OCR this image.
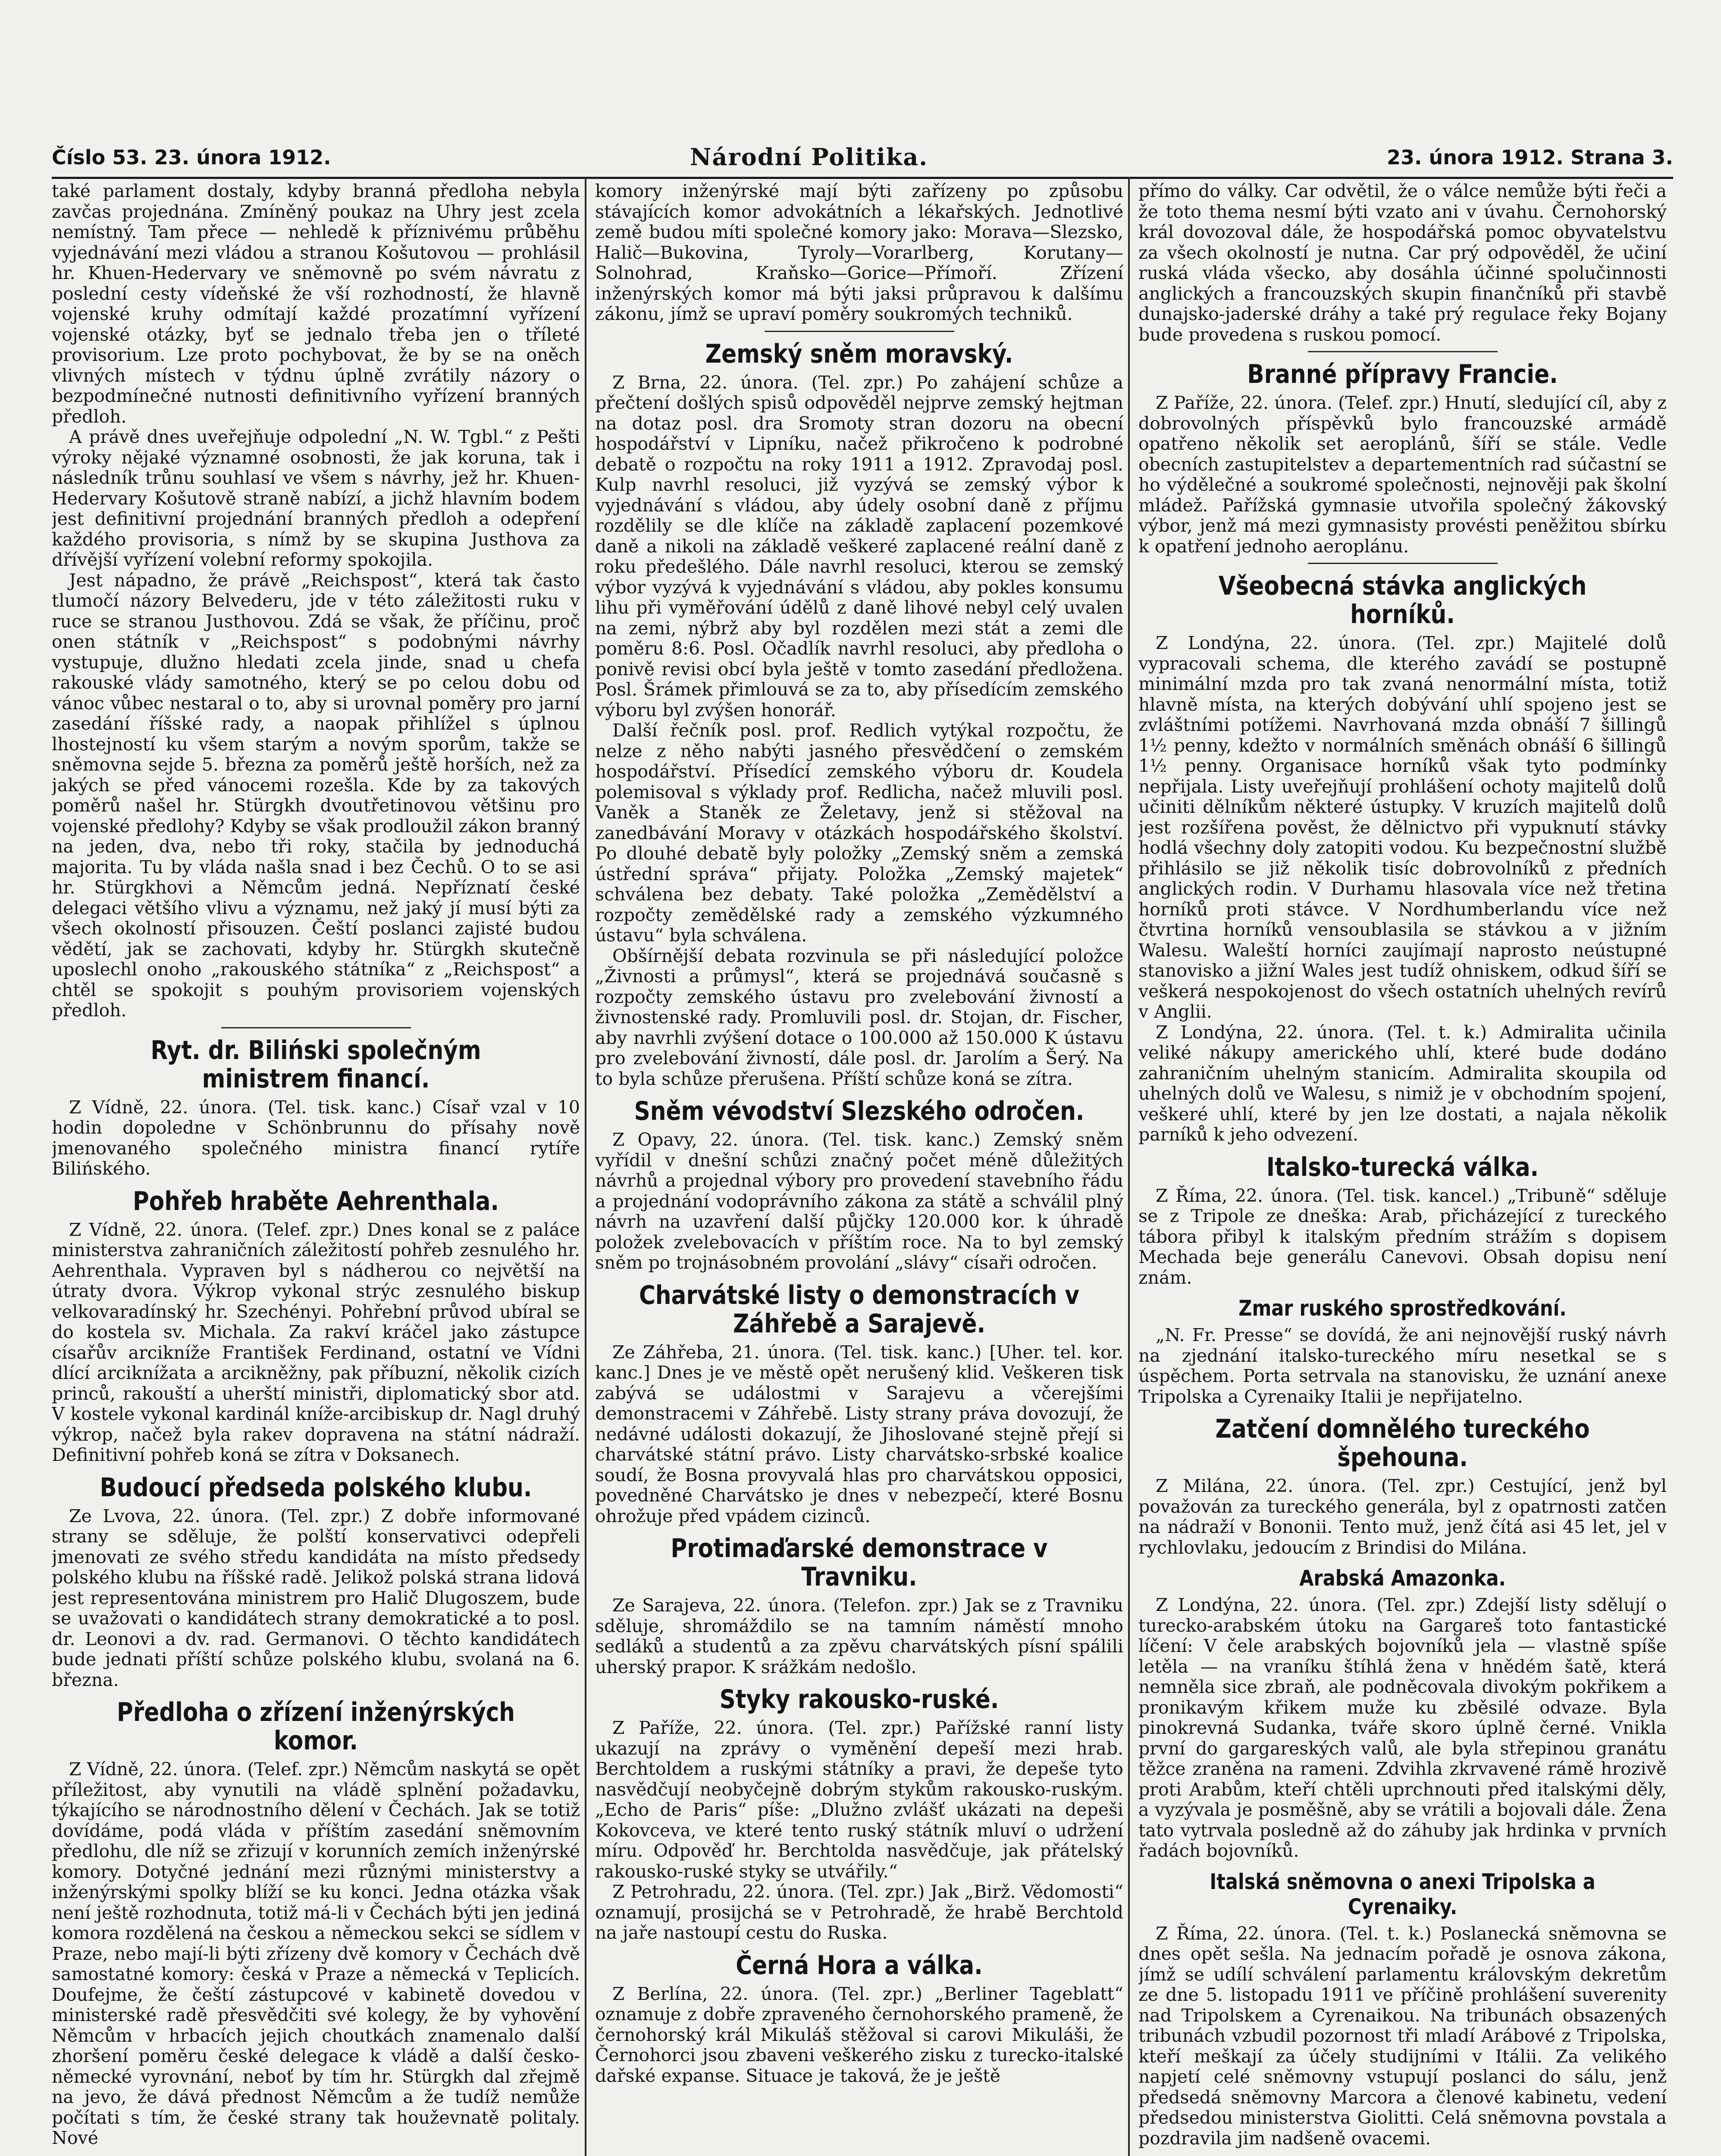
Číslo 53. 23. února 1912.	Národní Politika.	23. února 1912. Strana 3.

také parlament dostaly, kdyby branná předloha nebyla zavčas projednána. Zmíněný poukaz na Uhry jest zcela nemístný. Tam přece — nehledě k příznivému průběhu vyjednávání mezi vládou a stranou Košutovou — prohlásil hr. Khuen-Hedervary ve sněmovně po svém návratu z poslední cesty vídeňské že vší rozhodností, že hlavně vojenské kruhy odmítají každé prozatímní vyřízení vojenské otázky, byť se jednalo třeba jen o tříleté provisorium. Lze proto pochybovat, že by se na oněch vlivných místech v týdnu úplně zvrátily názory o bezpodmínečné nutnosti definitivního vyřízení branných předloh.

A právě dnes uveřejňuje odpolední „N. W. Tgbl.“ z Pešti výroky nějaké významné osobnosti, že jak koruna, tak i následník trůnu souhlasí ve všem s návrhy, jež hr. Khuen-Hedervary Košutově straně nabízí, a jichž hlavním bodem jest definitivní projednání branných předloh a odepření každého provisoria, s nímž by se skupina Justhova za dřívější vyřízení volební reformy spokojila.

Jest nápadno, že právě „Reichspost“, která tak často tlumočí názory Belvederu, jde v této záležitosti ruku v ruce se stranou Justhovou. Zdá se však, že příčinu, proč onen státník v „Reichspost“ s podobnými návrhy vystupuje, dlužno hledati zcela jinde, snad u chefa rakouské vlády samotného, který se po celou dobu od vánoc vůbec nestaral o to, aby si urovnal poměry pro jarní zasedání říšské rady, a naopak přihlížel s úplnou lhostejností ku všem starým a novým sporům, takže se sněmovna sejde 5. března za poměrů ještě horších, než za jakých se před vánocemi rozešla. Kde by za takových poměrů našel hr. Stürgkh dvoutřetinovou většinu pro vojenské předlohy? Kdyby se však prodloužil zákon branný na jeden, dva, nebo tři roky, stačila by jednoduchá majorita. Tu by vláda našla snad i bez Čechů. O to se asi hr. Stürgkhovi a Němcům jedná. Nepříznatí české delegaci většího vlivu a významu, než jaký jí musí býti za všech okolností přisouzen. Čeští poslanci zajisté budou vědětí, jak se zachovati, kdyby hr. Stürgkh skutečně uposlechl onoho „rakouského státníka“ z „Reichspost“ a chtěl se spokojit s pouhým provisoriem vojenských předloh.

Ryt. dr. Biliński společným ministrem financí.

Z Vídně, 22. února. (Tel. tisk. kanc.) Císař vzal v 10 hodin dopoledne v Schönbrunnu do přísahy nově jmenovaného společného ministra financí rytíře Bilińského.

Pohřeb hraběte Aehrenthala.

Z Vídně, 22. února. (Telef. zpr.) Dnes konal se z paláce ministerstva zahraničních záležitostí pohřeb zesnulého hr. Aehrenthala. Vypraven byl s nádherou co největší na útraty dvora. Výkrop vykonal strýc zesnulého biskup velkovaradínský hr. Szechényi. Pohřební průvod ubíral se do kostela sv. Michala. Za rakví kráčel jako zástupce císařův arcikníže František Ferdinand, ostatní ve Vídni dlící arciknížata a arcikněžny, pak příbuzní, několik cizích princů, rakouští a uherští ministři, diplomatický sbor atd. V kostele vykonal kardinál kníže-arcibiskup dr. Nagl druhý výkrop, načež byla rakev dopravena na státní nádraží. Definitivní pohřeb koná se zítra v Doksanech.

Budoucí předseda polského klubu.

Ze Lvova, 22. února. (Tel. zpr.) Z dobře informované strany se sděluje, že polští konservativci odepřeli jmenovati ze svého středu kandidáta na místo předsedy polského klubu na říšské radě. Jelikož polská strana lidová jest representována ministrem pro Halič Dlugoszem, bude se uvažovati o kandidátech strany demokratické a to posl. dr. Leonovi a dv. rad. Germanovi. O těchto kandidátech bude jednati příští schůze polského klubu, svolaná na 6. března.

Předloha o zřízení inženýrských komor.

Z Vídně, 22. února. (Telef. zpr.) Němcům naskytá se opět příležitost, aby vynutili na vládě splnění požadavku, týkajícího se národnostního dělení v Čechách. Jak se totiž dovídáme, podá vláda v příštím zasedání sněmovním předlohu, dle níž se zřizují v korunních zemích inženýrské komory. Dotyčné jednání mezi různými ministerstvy a inženýrskými spolky blíží se ku konci. Jedna otázka však není ještě rozhodnuta, totiž má-li v Čechách býti jen jediná komora rozdělená na českou a německou sekci se sídlem v Praze, nebo mají-li býti zřízeny dvě komory v Čechách dvě samostatné komory: česká v Praze a německá v Teplicích. Doufejme, že čeští zástupcové v kabinetě dovedou v ministerské radě přesvědčiti své kolegy, že by vyhovění Němcům v hrbacích jejich choutkách znamenalo další zhoršení poměru české delegace k vládě a další česko-německé vyrovnání, neboť by tím hr. Stürgkh dal zřejmě na jevo, že dává přednost Němcům a že tudíž nemůže počítati s tím, že české strany tak houževnatě politaly. Nové

komory inženýrské mají býti zařízeny po způsobu stávajících komor advokátních a lékařských. Jednotlivé země budou míti společné komory jako: Morava—Slezsko, Halič—Bukovina, Tyroly—Vorarlberg, Korutany—Solnohrad, Kraňsko—Gorice—Přímoří. Zřízení inženýrských komor má býti jaksi průpravou k dalšímu zákonu, jímž se upraví poměry soukromých techniků.

Zemský sněm moravský.

Z Brna, 22. února. (Tel. zpr.) Po zahájení schůze a přečtení došlých spisů odpověděl nejprve zemský hejtman na dotaz posl. dra Sromoty stran dozoru na obecní hospodářství v Lipníku, načež přikročeno k podrobné debatě o rozpočtu na roky 1911 a 1912. Zpravodaj posl. Kulp navrhl resoluci, již vyzývá se zemský výbor k vyjednávání s vládou, aby údely osobní daně z příjmu rozdělily se dle klíče na základě zaplacení pozemkové daně a nikoli na základě veškeré zaplacené reální daně z roku předešlého. Dále navrhl resoluci, kterou se zemský výbor vyzývá k vyjednávání s vládou, aby pokles konsumu lihu při vyměřování údělů z daně lihové nebyl celý uvalen na zemi, nýbrž aby byl rozdělen mezi stát a zemi dle poměru 8:6. Posl. Očadlík navrhl resoluci, aby předloha o ponivě revisi obcí byla ještě v tomto zasedání předložena. Posl. Šrámek přimlouvá se za to, aby přísedícím zemského výboru byl zvýšen honorář.

Další řečník posl. prof. Redlich vytýkal rozpočtu, že nelze z něho nabýti jasného přesvědčení o zemském hospodářství. Přísedící zemského výboru dr. Koudela polemisoval s výklady prof. Redlicha, načež mluvili posl. Vaněk a Staněk ze Želetavy, jenž si stěžoval na zanedbávání Moravy v otázkách hospodářského školství. Po dlouhé debatě byly položky „Zemský sněm a zemská ústřední správa“ přijaty. Položka „Zemský majetek“ schválena bez debaty. Také položka „Zemědělství a rozpočty zemědělské rady a zemského výzkumného ústavu“ byla schválena.

Obšírnější debata rozvinula se při následující položce „Živnosti a průmysl“, která se projednává současně s rozpočty zemského ústavu pro zvelebování živností a živnostenské rady. Promluvili posl. dr. Stojan, dr. Fischer, aby navrhli zvýšení dotace o 100.000 až 150.000 K ústavu pro zvelebování živností, dále posl. dr. Jarolím a Šerý. Na to byla schůze přerušena. Příští schůze koná se zítra.

Sněm vévodství Slezského odročen.

Z Opavy, 22. února. (Tel. tisk. kanc.) Zemský sněm vyřídil v dnešní schůzi značný počet méně důležitých návrhů a projednal výbory pro provedení stavebního řádu a projednání vodoprávního zákona za státě a schválil plný návrh na uzavření další půjčky 120.000 kor. k úhradě položek zvelebovacích v příštím roce. Na to byl zemský sněm po trojnásobném provolání „slávy“ císaři odročen.

Charvátské listy o demonstracích v Záhřebě a Sarajevě.

Ze Záhřeba, 21. února. (Tel. tisk. kanc.) [Uher. tel. kor. kanc.] Dnes je ve městě opět nerušený klid. Veškeren tisk zabývá se událostmi v Sarajevu a včerejšími demonstracemi v Záhřebě. Listy strany práva dovozují, že nedávné události dokazují, že Jihoslované stejně přejí si charvátské státní právo. Listy charvátsko-srbské koalice soudí, že Bosna provyvalá hlas pro charvátskou opposici, povedněné Charvátsko je dnes v nebezpečí, které Bosnu ohrožuje před vpádem cizinců.

Protimaďarské demonstrace v Travniku.

Ze Sarajeva, 22. února. (Telefon. zpr.) Jak se z Travniku sděluje, shromáždilo se na tamním náměstí mnoho sedláků a studentů a za zpěvu charvátských písní spálili uherský prapor. K srážkám nedošlo.

Styky rakousko-ruské.

Z Paříže, 22. února. (Tel. zpr.) Pařížské ranní listy ukazují na zprávy o vyměnění depeší mezi hrab. Berchtoldem a ruskými státníky a pravi, že depeše tyto nasvědčují neobyčejně dobrým stykům rakousko-ruským. „Echo de Paris“ píše: „Dlužno zvlášť ukázati na depeši Kokovceva, ve které tento ruský státník mluví o udržení míru. Odpověď hr. Berchtolda nasvědčuje, jak přátelský rakousko-ruské styky se utvářily.“

Z Petrohradu, 22. února. (Tel. zpr.) Jak „Birž. Vědomosti“ oznamují, prosijchá se v Petrohradě, že hrabě Berchtold na jaře nastoupí cestu do Ruska.

Černá Hora a válka.

Z Berlína, 22. února. (Tel. zpr.) „Berliner Tageblatt“ oznamuje z dobře zpraveného černohorského prameně, že černohorský král Mikuláš stěžoval si carovi Mikuláši, že Černohorci jsou zbaveni veškerého zisku z turecko-italské dařské expanse. Situace je taková, že je ještě

přímo do války. Car odvětil, že o válce nemůže býti řeči a že toto thema nesmí býti vzato ani v úvahu. Černohorský král dovozoval dále, že hospodářská pomoc obyvatelstvu za všech okolností je nutna. Car prý odpověděl, že učiní ruská vláda všecko, aby dosáhla účinné spolučinnosti anglických a francouzských skupin finančníků při stavbě dunajsko-jaderské dráhy a také prý regulace řeky Bojany bude provedena s ruskou pomocí.

Branné přípravy Francie.

Z Paříže, 22. února. (Telef. zpr.) Hnutí, sledující cíl, aby z dobrovolných příspěvků bylo francouzské armádě opatřeno několik set aeroplánů, šíří se stále. Vedle obecních zastupitelstev a departementních rad súčastní se ho výdělečné a soukromé společnosti, nejnověji pak školní mládež. Pařížská gymnasie utvořila společný žákovský výbor, jenž má mezi gymnasisty provésti peněžitou sbírku k opatření jednoho aeroplánu.

Všeobecná stávka anglických horníků.

Z Londýna, 22. února. (Tel. zpr.) Majitelé dolů vypracovali schema, dle kterého zavádí se postupně minimální mzda pro tak zvaná nenormální místa, totiž hlavně místa, na kterých dobývání uhlí spojeno jest se zvláštními potížemi. Navrhovaná mzda obnáší 7 šillingů 1½ penny, kdežto v normálních směnách obnáší 6 šillingů 1½ penny. Organisace horníků však tyto podmínky nepřijala. Listy uveřejňují prohlášení ochoty majitelů dolů učiniti dělníkům některé ústupky. V kruzích majitelů dolů jest rozšířena pověst, že dělnictvo při vypuknutí stávky hodlá všechny doly zatopiti vodou. Ku bezpečnostní službě přihlásilo se již několik tisíc dobrovolníků z předních anglických rodin. V Durhamu hlasovala více než třetina horníků proti stávce. V Nordhumberlandu více než čtvrtina horníků vensoublasila se stávkou a v jižním Walesu. Waleští horníci zaujímají naprosto neústupné stanovisko a jižní Wales jest tudíž ohniskem, odkud šíří se veškerá nespokojenost do všech ostatních uhelných revírů v Anglii.

Z Londýna, 22. února. (Tel. t. k.) Admiralita učinila veliké nákupy amerického uhlí, které bude dodáno zahraničním uhelným stanicím. Admiralita skoupila od uhelných dolů ve Walesu, s nimiž je v obchodním spojení, veškeré uhlí, které by jen lze dostati, a najala několik parníků k jeho odvezení.

Italsko-turecká válka.

Z Říma, 22. února. (Tel. tisk. kancel.) „Tribuně“ sděluje se z Tripole ze dneška: Arab, přicházející z tureckého tábora přibyl k italským předním strážím s dopisem Mechada beje generálu Canevovi. Obsah dopisu není znám.

Zmar ruského sprostředkování.

„N. Fr. Presse“ se dovídá, že ani nejnovější ruský návrh na zjednání italsko-tureckého míru nesetkal se s úspěchem. Porta setrvala na stanovisku, že uznání anexe Tripolska a Cyrenaiky Italii je nepřijatelno.

Zatčení domnělého tureckého špehouna.

Z Milána, 22. února. (Tel. zpr.) Cestující, jenž byl považován za tureckého generála, byl z opatrnosti zatčen na nádraží v Bononii. Tento muž, jenž čítá asi 45 let, jel v rychlovlaku, jedoucím z Brindisi do Milána.

Arabská Amazonka.

Z Londýna, 22. února. (Tel. zpr.) Zdejší listy sdělují o turecko-arabském útoku na Gargareš toto fantastické líčení: V čele arabských bojovníků jela — vlastně spíše letěla — na vraníku štíhlá žena v hnědém šatě, která nemněla sice zbraň, ale podněcovala divokým pokřikem a pronikavým křikem muže ku zběsilé odvaze. Byla pinokrevná Sudanka, tváře skoro úplně černé. Vnikla první do gargareských valů, ale byla střepinou granátu těžce zraněna na rameni. Zdvihla zkrvavené rámě hrozivě proti Arabům, kteří chtěli uprchnouti před italskými děly, a vyzývala je posměšně, aby se vrátili a bojovali dále. Žena tato vytrvala posledně až do záhuby jak hrdinka v prvních řadách bojovníků.

Italská sněmovna o anexi Tripolska a Cyrenaiky.

Z Říma, 22. února. (Tel. t. k.) Poslanecká sněmovna se dnes opět sešla. Na jednacím pořadě je osnova zákona, jímž se udílí schválení parlamentu královským dekretům ze dne 5. listopadu 1911 ve příčině prohlášení suverenity nad Tripolskem a Cyrenaikou. Na tribunách obsazených tribunách vzbudil pozornost tři mladí Arábové z Tripolska, kteří meškají za účely studijními v Itálii. Za velikého napjetí celé sněmovny vstupují poslanci do sálu, jenž předsedá sněmovny Marcora a členové kabinetu, vedení předsedou ministerstva Giolitti. Celá sněmovna povstala a pozdravila jim nadšeně ovacemi.
